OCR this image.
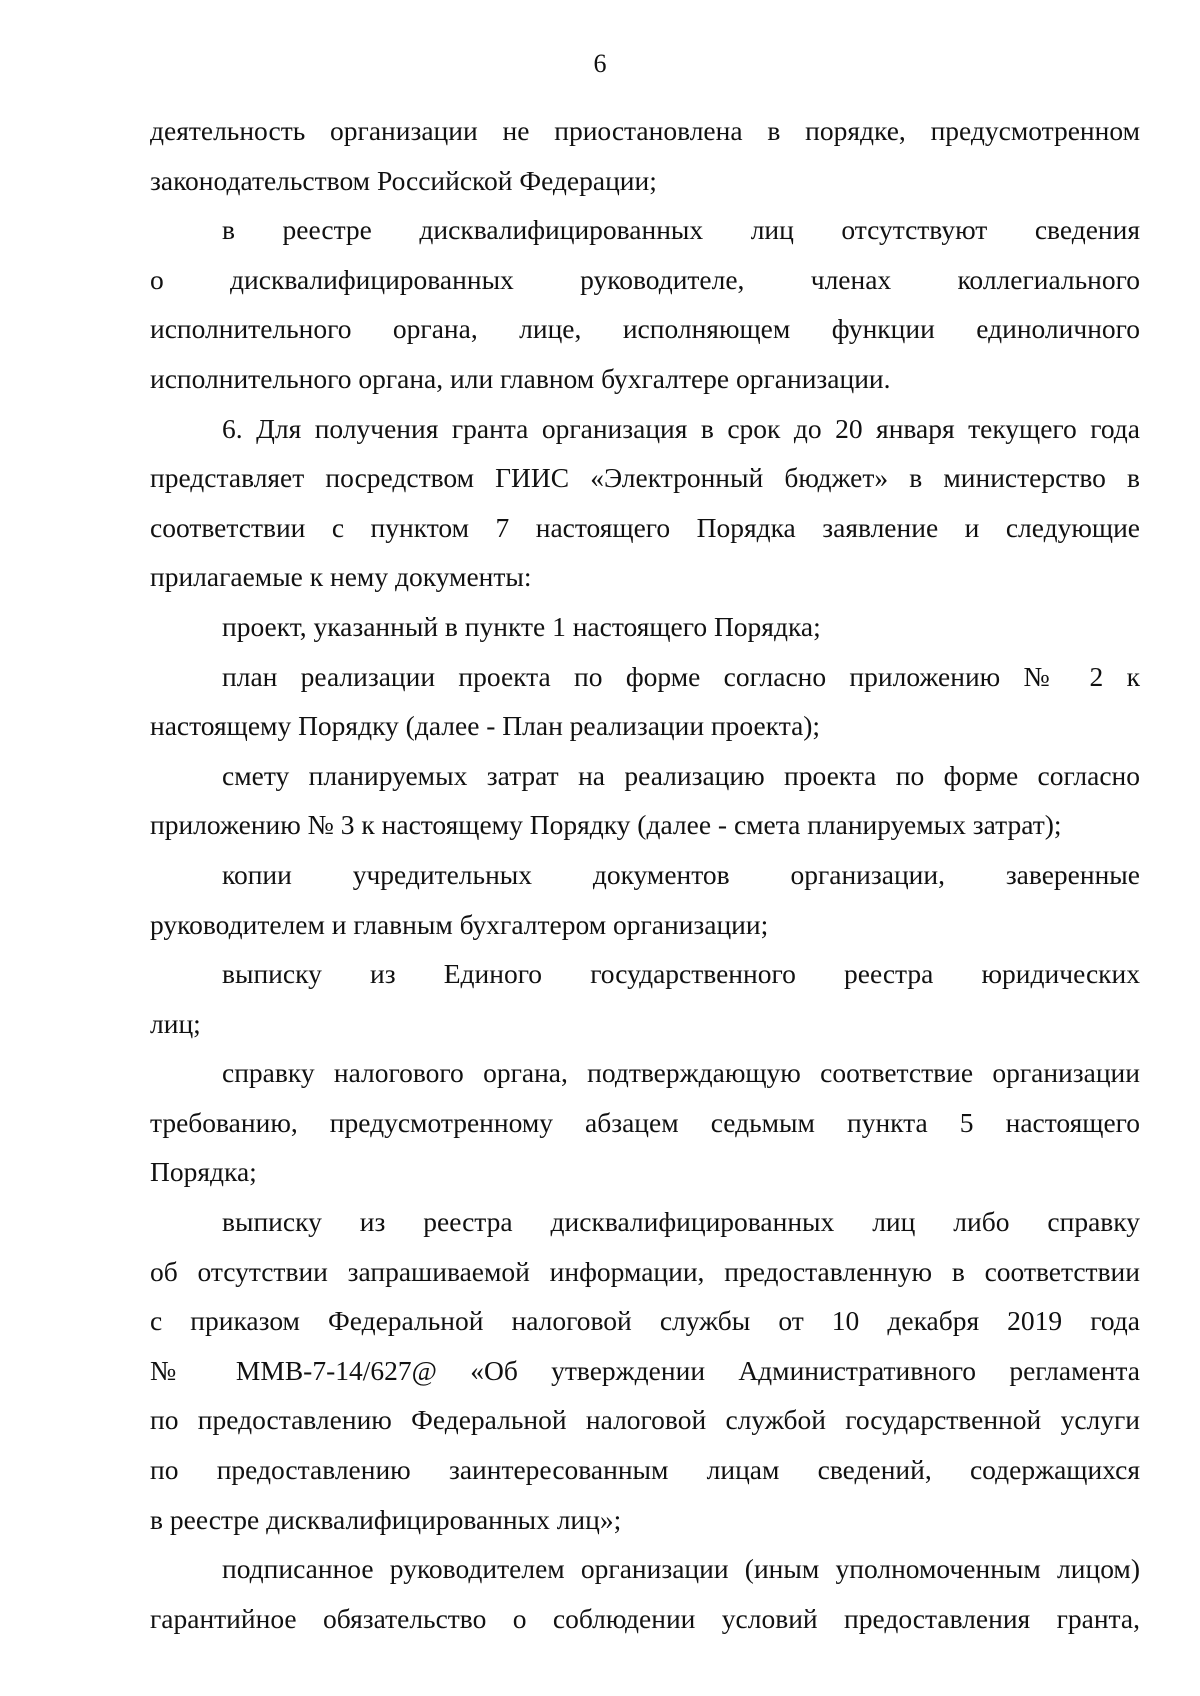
6
деятельность организации не приостановлена в порядке, предусмотренном
законодательством Российской Федерации;
в реестре дисквалифицированных лиц отсутствуют сведения
о дисквалифицированных руководителе, членах коллегиального
исполнительного органа, лице, исполняющем функции единоличного
исполнительного органа, или главном бухгалтере организации.
6. Для получения гранта организация в срок до 20 января текущего года
представляет посредством ГИИС «Электронный бюджет» в министерство в
соответствии с пунктом 7 настоящего Порядка заявление и следующие
прилагаемые к нему документы:
проект, указанный в пункте 1 настоящего Порядка;
план реализации проекта по форме согласно приложению № 2 к
настоящему Порядку (далее - План реализации проекта);
смету планируемых затрат на реализацию проекта по форме согласно
приложению № 3 к настоящему Порядку (далее - смета планируемых затрат);
копии учредительных документов организации, заверенные
руководителем и главным бухгалтером организации;
выписку из Единого государственного реестра юридических
лиц;
справку налогового органа, подтверждающую соответствие организации
требованию, предусмотренному абзацем седьмым пункта 5 настоящего
Порядка;
выписку из реестра дисквалифицированных лиц либо справку
об отсутствии запрашиваемой информации, предоставленную в соответствии
с приказом Федеральной налоговой службы от 10 декабря 2019 года
№ ММВ-7-14/627@ «Об утверждении Административного регламента
по предоставлению Федеральной налоговой службой государственной услуги
по предоставлению заинтересованным лицам сведений, содержащихся
в реестре дисквалифицированных лиц»;
подписанное руководителем организации (иным уполномоченным лицом)
гарантийное обязательство о соблюдении условий предоставления гранта,
